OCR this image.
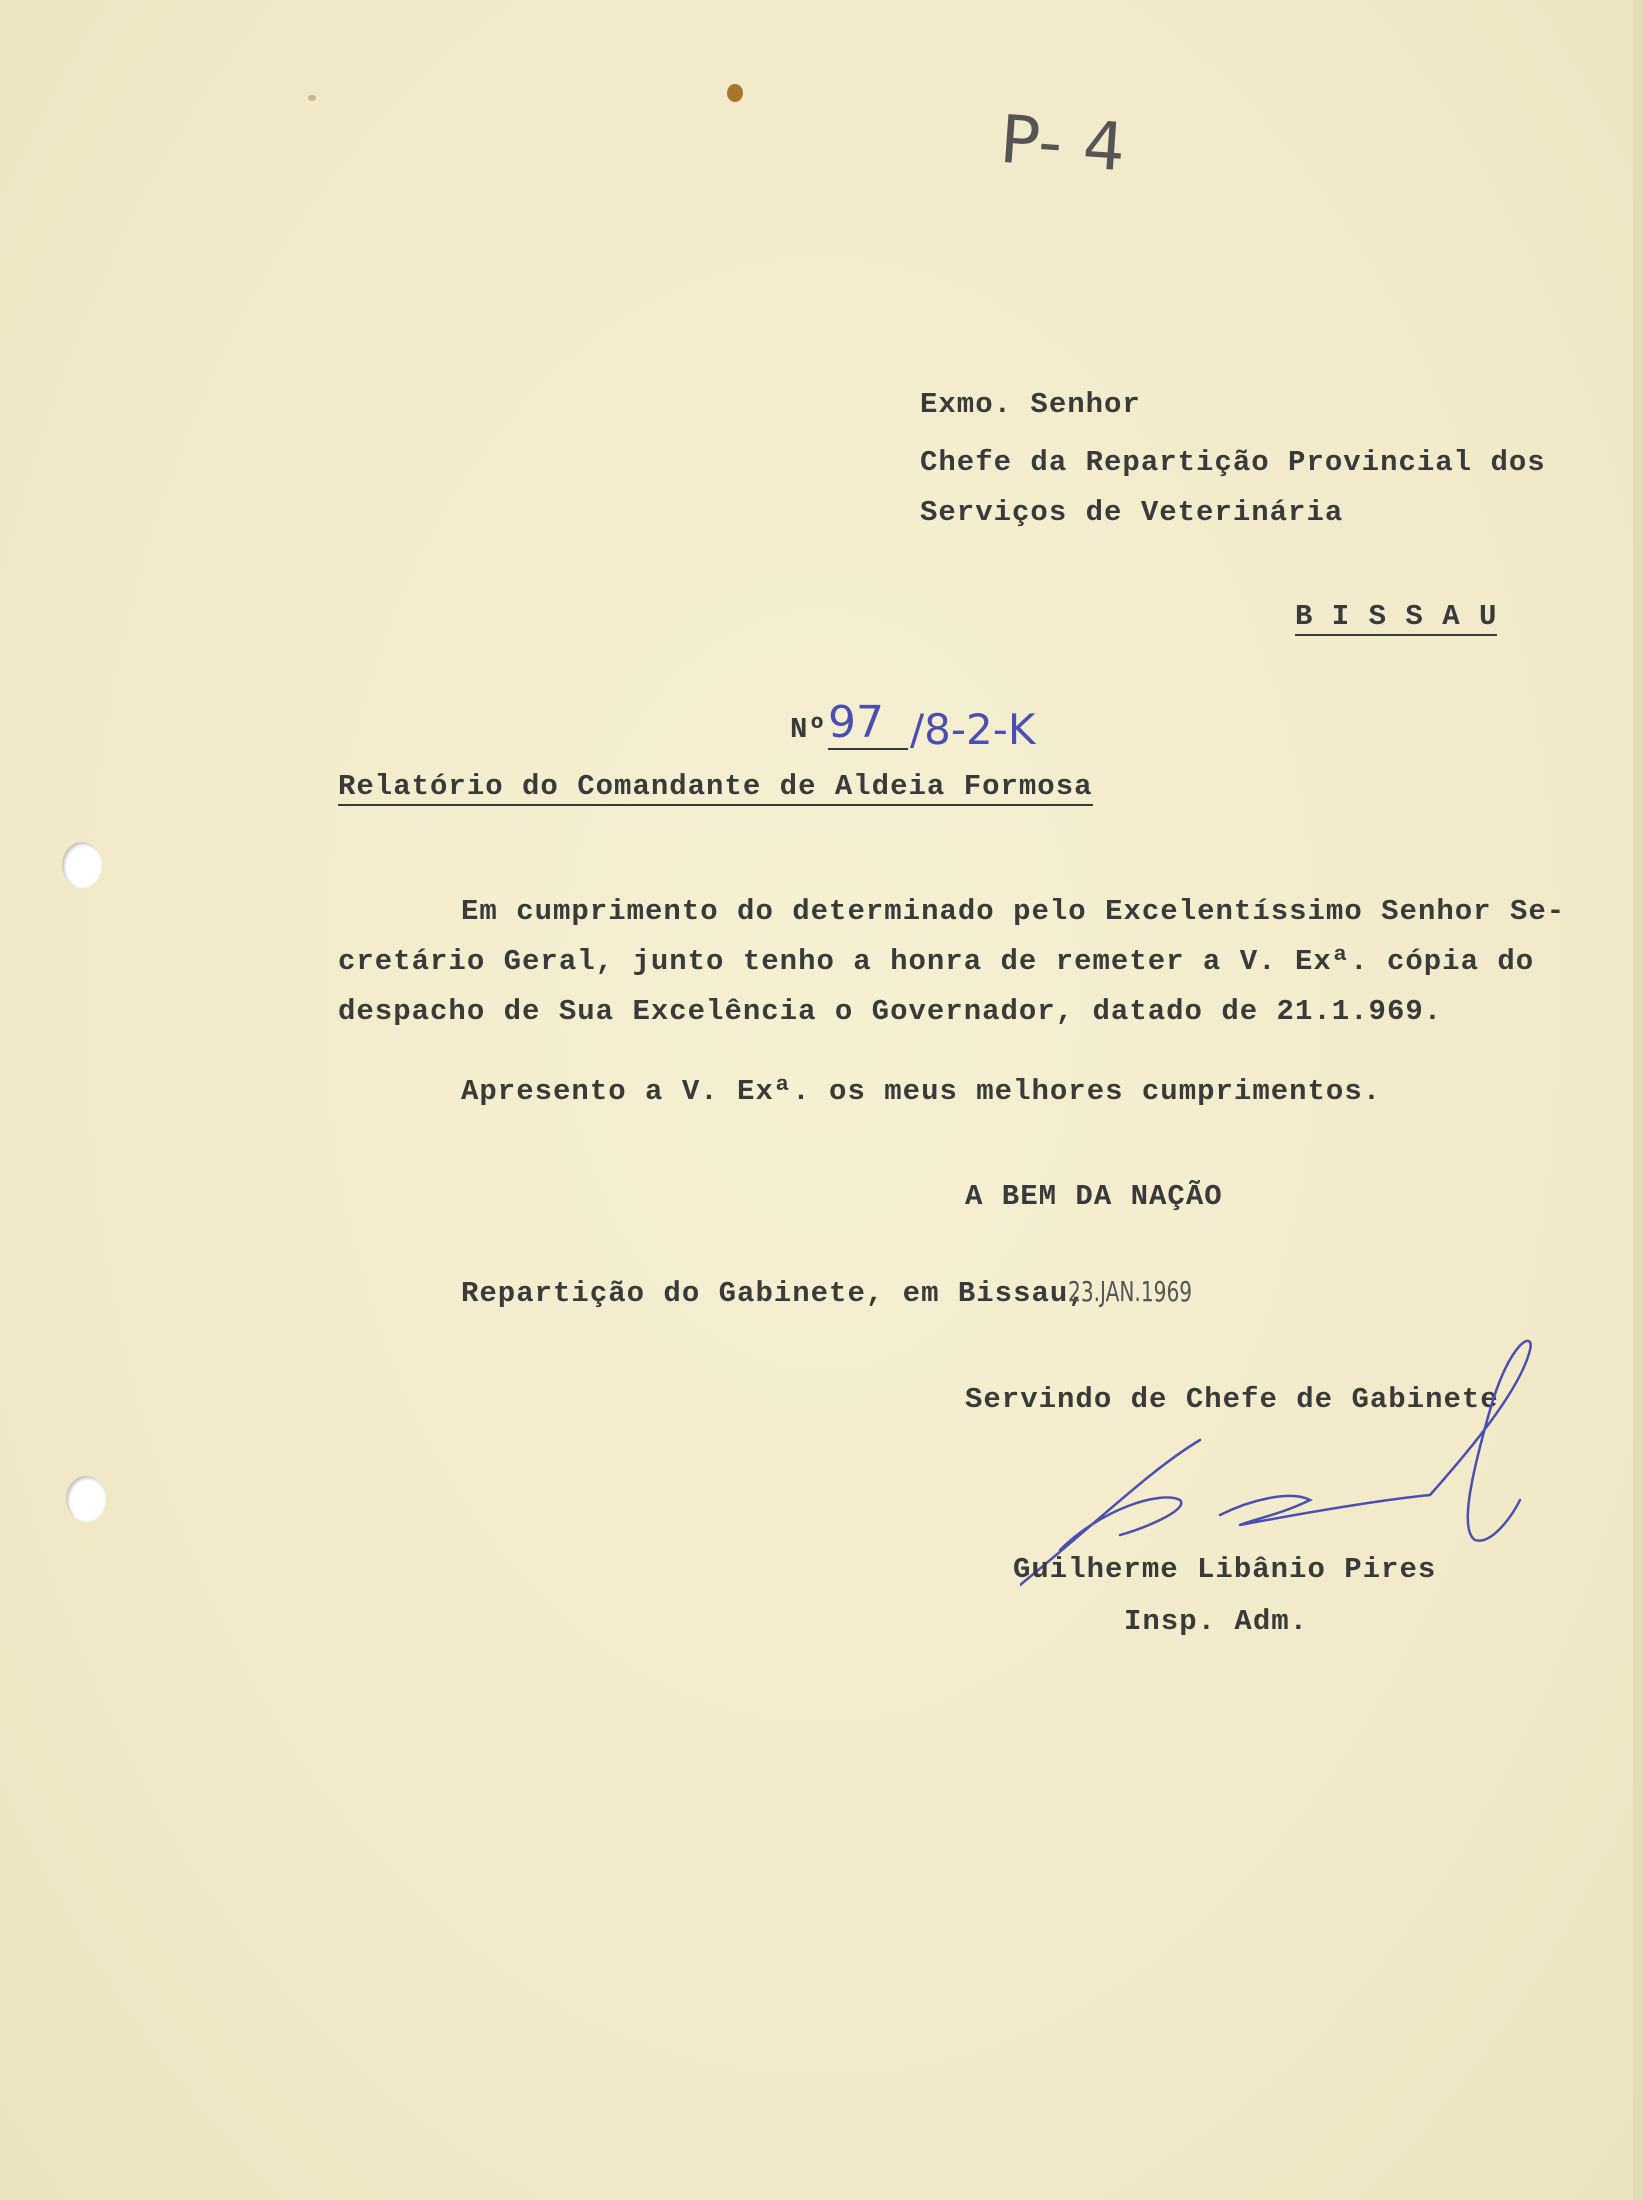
P- 4
Exmo. Senhor
Chefe da Repartição Provincial dos
Serviços de Veterinária
B I S S A U
Nº 97 /8-2-K
Relatório do Comandante de Aldeia Formosa
Em cumprimento do determinado pelo Excelentíssimo Senhor Se-
cretário Geral, junto tenho a honra de remeter a V. Exª. cópia do
despacho de Sua Excelência o Governador, datado de 21.1.969.
Apresento a V. Exª. os meus melhores cumprimentos.
A BEM DA NAÇÃO
Repartição do Gabinete, em Bissau,
23.JAN.1969
Servindo de Chefe de Gabinete
Guilherme Libânio Pires
Insp. Adm.
